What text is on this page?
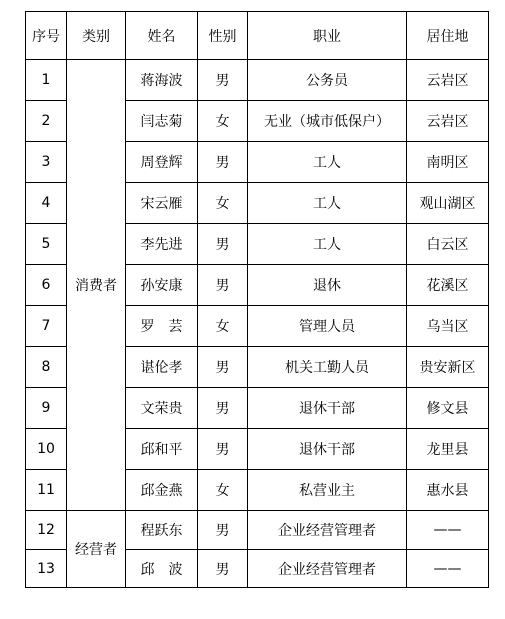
序号	类别	姓名	性别	职业	居住地
1	消费者	蒋海波	男	公务员	云岩区
2		闫志菊	女	无业（城市低保户）	云岩区
3		周登辉	男	工人	南明区
4		宋云雁	女	工人	观山湖区
5		李先进	男	工人	白云区
6		孙安康	男	退休	花溪区
7		罗　芸	女	管理人员	乌当区
8		谌伦孝	男	机关工勤人员	贵安新区
9		文荣贵	男	退休干部	修文县
10		邱和平	男	退休干部	龙里县
11		邱金燕	女	私营业主	惠水县
12	经营者	程跃东	男	企业经营管理者	——
13		邱　波	男	企业经营管理者	——
